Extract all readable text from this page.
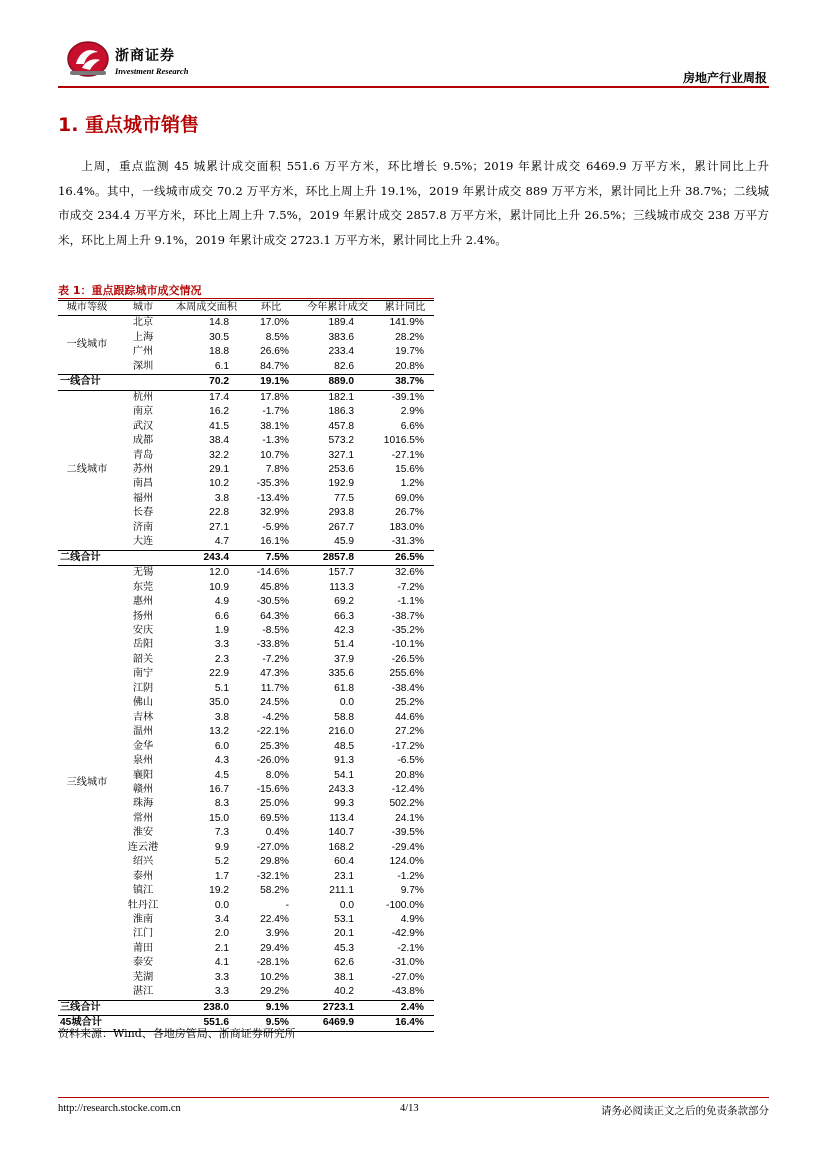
浙商证券
Investment Research	房地产行业周报
1. 重点城市销售

上周，重点监测 45 城累计成交面积 551.6 万平方米，环比增长 9.5%；2019 年累计成交 6469.9 万平方米，累计同比上升 16.4%。其中，一线城市成交 70.2 万平方米，环比上周上升 19.1%，2019 年累计成交 889 万平方米，累计同比上升 38.7%；二线城市成交 234.4 万平方米，环比上周上升 7.5%，2019 年累计成交 2857.8 万平方米，累计同比上升 26.5%；三线城市成交 238 万平方米，环比上周上升 9.1%，2019 年累计成交 2723.1 万平方米，累计同比上升 2.4%。

表 1：重点跟踪城市成交情况
城市等级	城市	本周成交面积	环比	今年累计成交	累计同比
一线城市	北京	14.8	17.0%	189.4	141.9%
	上海	30.5	8.5%	383.6	28.2%
	广州	18.8	26.6%	233.4	19.7%
	深圳	6.1	84.7%	82.6	20.8%
一线合计		70.2	19.1%	889.0	38.7%
二线城市	杭州	17.4	17.8%	182.1	-39.1%
	南京	16.2	-1.7%	186.3	2.9%
	武汉	41.5	38.1%	457.8	6.6%
	成都	38.4	-1.3%	573.2	1016.5%
	青岛	32.2	10.7%	327.1	-27.1%
	苏州	29.1	7.8%	253.6	15.6%
	南昌	10.2	-35.3%	192.9	1.2%
	福州	3.8	-13.4%	77.5	69.0%
	长春	22.8	32.9%	293.8	26.7%
	济南	27.1	-5.9%	267.7	183.0%
	大连	4.7	16.1%	45.9	-31.3%
二线合计		243.4	7.5%	2857.8	26.5%
三线城市	无锡	12.0	-14.6%	157.7	32.6%
	东莞	10.9	45.8%	113.3	-7.2%
	惠州	4.9	-30.5%	69.2	-1.1%
	扬州	6.6	64.3%	66.3	-38.7%
	安庆	1.9	-8.5%	42.3	-35.2%
	岳阳	3.3	-33.8%	51.4	-10.1%
	韶关	2.3	-7.2%	37.9	-26.5%
	南宁	22.9	47.3%	335.6	255.6%
	江阴	5.1	11.7%	61.8	-38.4%
	佛山	35.0	24.5%	0.0	25.2%
	吉林	3.8	-4.2%	58.8	44.6%
	温州	13.2	-22.1%	216.0	27.2%
	金华	6.0	25.3%	48.5	-17.2%
	泉州	4.3	-26.0%	91.3	-6.5%
	襄阳	4.5	8.0%	54.1	20.8%
	赣州	16.7	-15.6%	243.3	-12.4%
	珠海	8.3	25.0%	99.3	502.2%
	常州	15.0	69.5%	113.4	24.1%
	淮安	7.3	0.4%	140.7	-39.5%
	连云港	9.9	-27.0%	168.2	-29.4%
	绍兴	5.2	29.8%	60.4	124.0%
	泰州	1.7	-32.1%	23.1	-1.2%
	镇江	19.2	58.2%	211.1	9.7%
	牡丹江	0.0	-	0.0	-100.0%
	淮南	3.4	22.4%	53.1	4.9%
	江门	2.0	3.9%	20.1	-42.9%
	莆田	2.1	29.4%	45.3	-2.1%
	泰安	4.1	-28.1%	62.6	-31.0%
	芜湖	3.3	10.2%	38.1	-27.0%
	湛江	3.3	29.2%	40.2	-43.8%
三线合计		238.0	9.1%	2723.1	2.4%
45城合计		551.6	9.5%	6469.9	16.4%
资料来源：Wind、各地房管局、浙商证券研究所
http://research.stocke.com.cn	4/13	请务必阅读正文之后的免责条款部分
